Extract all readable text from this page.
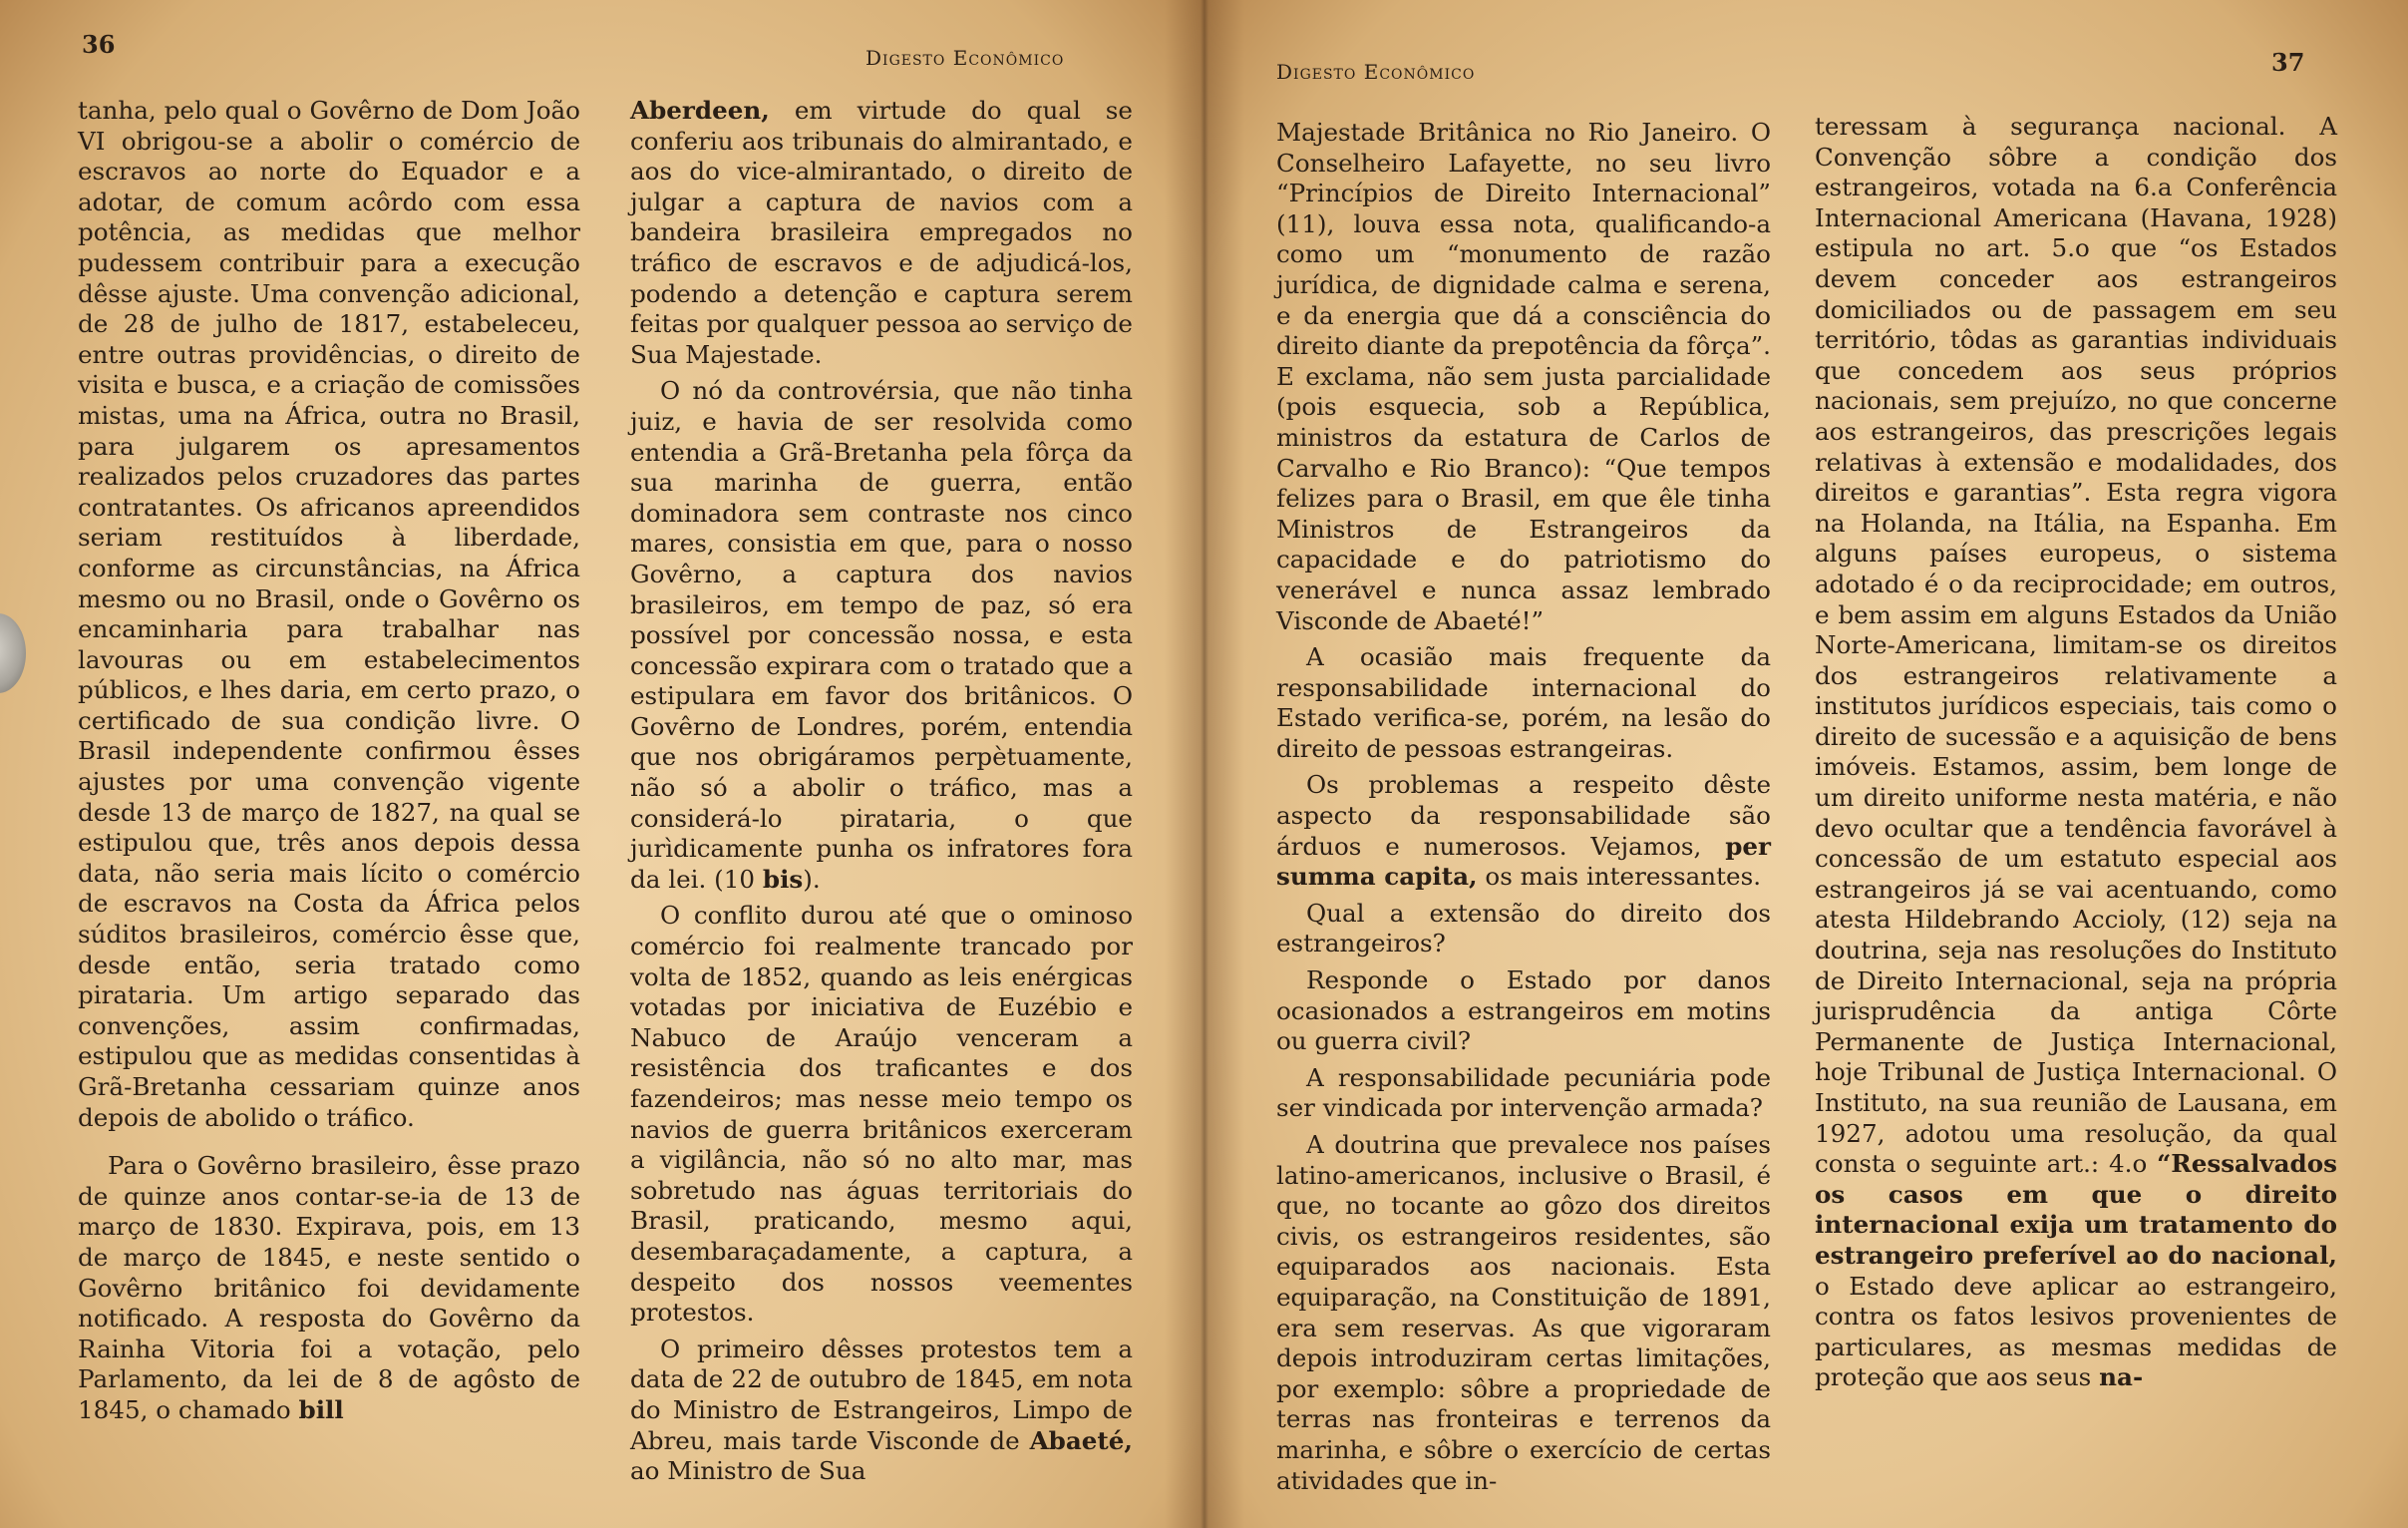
36	Digesto Econômico

tanha, pelo qual o Govêrno de Dom João VI obrigou-se a abolir o comércio de escravos ao norte do Equador e a adotar, de comum acôrdo com essa potência, as medidas que melhor pudessem contribuir para a execução dêsse ajuste. Uma convenção adicional, de 28 de julho de 1817, estabeleceu, entre outras providências, o direito de visita e busca, e a criação de comissões mistas, uma na África, outra no Brasil, para julgarem os apresamentos realizados pelos cruzadores das partes contratantes. Os africanos apreendidos seriam restituídos à liberdade, conforme as circunstâncias, na África mesmo ou no Brasil, onde o Govêrno os encaminharia para trabalhar nas lavouras ou em estabelecimentos públicos, e lhes daria, em certo prazo, o certificado de sua condição livre. O Brasil independente confirmou êsses ajustes por uma convenção vigente desde 13 de março de 1827, na qual se estipulou que, três anos depois dessa data, não seria mais lícito o comércio de escravos na Costa da África pelos súditos brasileiros, comércio êsse que, desde então, seria tratado como pirataria. Um artigo separado das convenções, assim confirmadas, estipulou que as medidas consentidas à Grã-Bretanha cessariam quinze anos depois de abolido o tráfico.

Para o Govêrno brasileiro, êsse prazo de quinze anos contar-se-ia de 13 de março de 1830. Expirava, pois, em 13 de março de 1845, e neste sentido o Govêrno britânico foi devidamente notificado. A resposta do Govêrno da Rainha Vitoria foi a votação, pelo Parlamento, da lei de 8 de agôsto de 1845, o chamado bill

Aberdeen, em virtude do qual se conferiu aos tribunais do almirantado, e aos do vice-almirantado, o direito de julgar a captura de navios com a bandeira brasileira empregados no tráfico de escravos e de adjudicá-los, podendo a detenção e captura serem feitas por qualquer pessoa ao serviço de Sua Majestade.

O nó da controvérsia, que não tinha juiz, e havia de ser resolvida como entendia a Grã-Bretanha pela fôrça da sua marinha de guerra, então dominadora sem contraste nos cinco mares, consistia em que, para o nosso Govêrno, a captura dos navios brasileiros, em tempo de paz, só era possível por concessão nossa, e esta concessão expirara com o tratado que a estipulara em favor dos britânicos. O Govêrno de Londres, porém, entendia que nos obrigáramos perpètuamente, não só a abolir o tráfico, mas a considerá-lo pirataria, o que jurìdicamente punha os infratores fora da lei. (10 bis).

O conflito durou até que o ominoso comércio foi realmente trancado por volta de 1852, quando as leis enérgicas votadas por iniciativa de Euzébio e Nabuco de Araújo venceram a resistência dos traficantes e dos fazendeiros; mas nesse meio tempo os navios de guerra britânicos exerceram a vigilância, não só no alto mar, mas sobretudo nas águas territoriais do Brasil, praticando, mesmo aqui, desembaraçadamente, a captura, a despeito dos nossos veementes protestos.

O primeiro dêsses protestos tem a data de 22 de outubro de 1845, em nota do Ministro de Estrangeiros, Limpo de Abreu, mais tarde Visconde de Abaeté, ao Ministro de Sua

Digesto Econômico	37

Majestade Britânica no Rio Janeiro. O Conselheiro Lafayette, no seu livro “Princípios de Direito Internacional” (11), louva essa nota, qualificando-a como um “monumento de razão jurídica, de dignidade calma e serena, e da energia que dá a consciência do direito diante da prepotência da fôrça”. E exclama, não sem justa parcialidade (pois esquecia, sob a República, ministros da estatura de Carlos de Carvalho e Rio Branco): “Que tempos felizes para o Brasil, em que êle tinha Ministros de Estrangeiros da capacidade e do patriotismo do venerável e nunca assaz lembrado Visconde de Abaeté!”

A ocasião mais frequente da responsabilidade internacional do Estado verifica-se, porém, na lesão do direito de pessoas estrangeiras.

Os problemas a respeito dêste aspecto da responsabilidade são árduos e numerosos. Vejamos, per summa capita, os mais interessantes.

Qual a extensão do direito dos estrangeiros?

Responde o Estado por danos ocasionados a estrangeiros em motins ou guerra civil?

A responsabilidade pecuniária pode ser vindicada por intervenção armada?

A doutrina que prevalece nos países latino-americanos, inclusive o Brasil, é que, no tocante ao gôzo dos direitos civis, os estrangeiros residentes, são equiparados aos nacionais. Esta equiparação, na Constituição de 1891, era sem reservas. As que vigoraram depois introduziram certas limitações, por exemplo: sôbre a propriedade de terras nas fronteiras e terrenos da marinha, e sôbre o exercício de certas atividades que in-

teressam à segurança nacional. A Convenção sôbre a condição dos estrangeiros, votada na 6.a Conferência Internacional Americana (Havana, 1928) estipula no art. 5.o que “os Estados devem conceder aos estrangeiros domiciliados ou de passagem em seu território, tôdas as garantias individuais que concedem aos seus próprios nacionais, sem prejuízo, no que concerne aos estrangeiros, das prescrições legais relativas à extensão e modalidades, dos direitos e garantias”. Esta regra vigora na Holanda, na Itália, na Espanha. Em alguns países europeus, o sistema adotado é o da reciprocidade; em outros, e bem assim em alguns Estados da União Norte-Americana, limitam-se os direitos dos estrangeiros relativamente a institutos jurídicos especiais, tais como o direito de sucessão e a aquisição de bens imóveis. Estamos, assim, bem longe de um direito uniforme nesta matéria, e não devo ocultar que a tendência favorável à concessão de um estatuto especial aos estrangeiros já se vai acentuando, como atesta Hildebrando Accioly, (12) seja na doutrina, seja nas resoluções do Instituto de Direito Internacional, seja na própria jurisprudência da antiga Côrte Permanente de Justiça Internacional, hoje Tribunal de Justiça Internacional. O Instituto, na sua reunião de Lausana, em 1927, adotou uma resolução, da qual consta o seguinte art.: 4.o “Ressalvados os casos em que o direito internacional exija um tratamento do estrangeiro preferível ao do nacional, o Estado deve aplicar ao estrangeiro, contra os fatos lesivos provenientes de particulares, as mesmas medidas de proteção que aos seus na-
